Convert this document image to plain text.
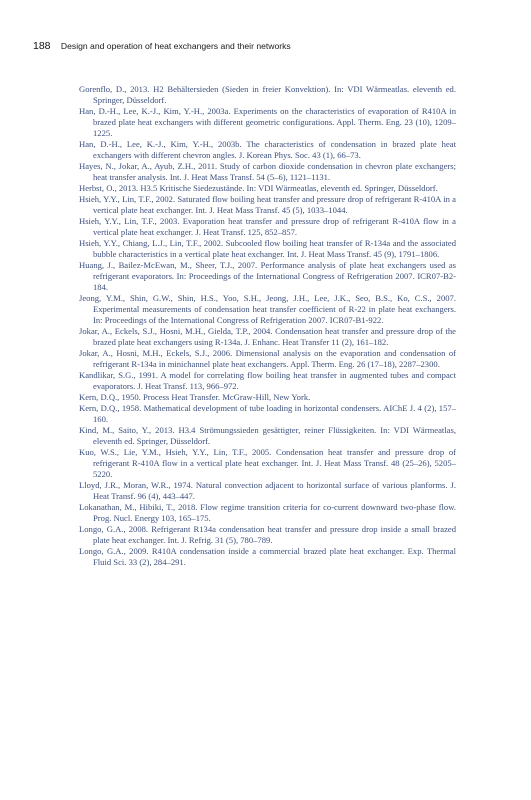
188 Design and operation of heat exchangers and their networks
Gorenflo, D., 2013. H2 Behältersieden (Sieden in freier Konvektion). In: VDI Wärmeatlas. eleventh ed. Springer, Düsseldorf.
Han, D.-H., Lee, K.-J., Kim, Y.-H., 2003a. Experiments on the characteristics of evaporation of R410A in brazed plate heat exchangers with different geometric configurations. Appl. Therm. Eng. 23 (10), 1209–1225.
Han, D.-H., Lee, K.-J., Kim, Y.-H., 2003b. The characteristics of condensation in brazed plate heat exchangers with different chevron angles. J. Korean Phys. Soc. 43 (1), 66–73.
Hayes, N., Jokar, A., Ayub, Z.H., 2011. Study of carbon dioxide condensation in chevron plate exchangers; heat transfer analysis. Int. J. Heat Mass Transf. 54 (5–6), 1121–1131.
Herbst, O., 2013. H3.5 Kritische Siedezustände. In: VDI Wärmeatlas, eleventh ed. Springer, Düsseldorf.
Hsieh, Y.Y., Lin, T.F., 2002. Saturated flow boiling heat transfer and pressure drop of refrigerant R-410A in a vertical plate heat exchanger. Int. J. Heat Mass Transf. 45 (5), 1033–1044.
Hsieh, Y.Y., Lin, T.F., 2003. Evaporation heat transfer and pressure drop of refrigerant R-410A flow in a vertical plate heat exchanger. J. Heat Transf. 125, 852–857.
Hsieh, Y.Y., Chiang, L.J., Lin, T.F., 2002. Subcooled flow boiling heat transfer of R-134a and the associated bubble characteristics in a vertical plate heat exchanger. Int. J. Heat Mass Transf. 45 (9), 1791–1806.
Huang, J., Bailez-McEwan, M., Sheer, T.J., 2007. Performance analysis of plate heat exchangers used as refrigerant evaporators. In: Proceedings of the International Congress of Refrigeration 2007. ICR07-B2-184.
Jeong, Y.M., Shin, G.W., Shin, H.S., Yoo, S.H., Jeong, J.H., Lee, J.K., Seo, B.S., Ko, C.S., 2007. Experimental measurements of condensation heat transfer coefficient of R-22 in plate heat exchangers. In: Proceedings of the International Congress of Refrigeration 2007. ICR07-B1-922.
Jokar, A., Eckels, S.J., Hosni, M.H., Gielda, T.P., 2004. Condensation heat transfer and pressure drop of the brazed plate heat exchangers using R-134a. J. Enhanc. Heat Transfer 11 (2), 161–182.
Jokar, A., Hosni, M.H., Eckels, S.J., 2006. Dimensional analysis on the evaporation and condensation of refrigerant R-134a in minichannel plate heat exchangers. Appl. Therm. Eng. 26 (17–18), 2287–2300.
Kandlikar, S.G., 1991. A model for correlating flow boiling heat transfer in augmented tubes and compact evaporators. J. Heat Transf. 113, 966–972.
Kern, D.Q., 1950. Process Heat Transfer. McGraw-Hill, New York.
Kern, D.Q., 1958. Mathematical development of tube loading in horizontal condensers. AIChE J. 4 (2), 157–160.
Kind, M., Saito, Y., 2013. H3.4 Strömungssieden gesättigter, reiner Flüssigkeiten. In: VDI Wärmeatlas, eleventh ed. Springer, Düsseldorf.
Kuo, W.S., Lie, Y.M., Hsieh, Y.Y., Lin, T.F., 2005. Condensation heat transfer and pressure drop of refrigerant R-410A flow in a vertical plate heat exchanger. Int. J. Heat Mass Transf. 48 (25–26), 5205–5220.
Lloyd, J.R., Moran, W.R., 1974. Natural convection adjacent to horizontal surface of various planforms. J. Heat Transf. 96 (4), 443–447.
Lokanathan, M., Hibiki, T., 2018. Flow regime transition criteria for co-current downward two-phase flow. Prog. Nucl. Energy 103, 165–175.
Longo, G.A., 2008. Refrigerant R134a condensation heat transfer and pressure drop inside a small brazed plate heat exchanger. Int. J. Refrig. 31 (5), 780–789.
Longo, G.A., 2009. R410A condensation inside a commercial brazed plate heat exchanger. Exp. Thermal Fluid Sci. 33 (2), 284–291.
